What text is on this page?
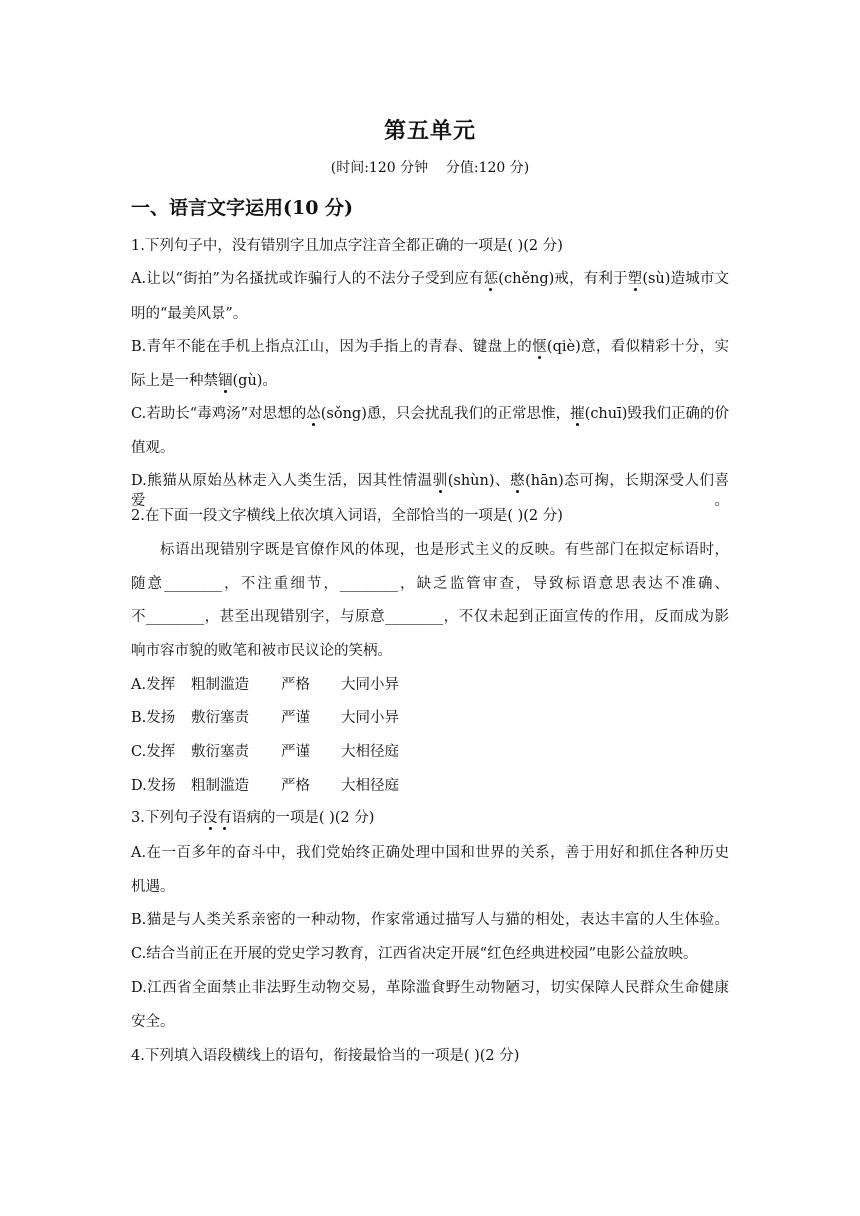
第五单元
(时间:120 分钟    分值:120 分)
一、语言文字运用(10 分)
1.下列句子中，没有错别字且加点字注音全都正确的一项是( )(2 分)
A.让以“街拍”为名搔扰或诈骗行人的不法分子受到应有惩(chěng)戒，有利于塑(sù)造城市文
明的“最美风景”。
B.青年不能在手机上指点江山，因为手指上的青春、键盘上的惬(qiè)意，看似精彩十分，实
际上是一种禁锢(gù)。
C.若助长“毒鸡汤”对思想的怂(sǒng)恿，只会扰乱我们的正常思惟，摧(chuī)毁我们正确的价
值观。
D.熊猫从原始丛林走入人类生活，因其性情温驯(shùn)、憨(hān)态可掬，长期深受人们喜爱。
2.在下面一段文字横线上依次填入词语，全部恰当的一项是( )(2 分)
标语出现错别字既是官僚作风的体现，也是形式主义的反映。有些部门在拟定标语时，
随意________，不注重细节，________，缺乏监管审查，导致标语意思表达不准确、
不________，甚至出现错别字，与原意________，不仅未起到正面宣传的作用，反而成为影
响市容市貌的败笔和被市民议论的笑柄。
A.发挥 粗制滥造 严格 大同小异
B.发扬 敷衍塞责 严谨 大同小异
C.发挥 敷衍塞责 严谨 大相径庭
D.发扬 粗制滥造 严格 大相径庭
3.下列句子没有语病的一项是( )(2 分)
A.在一百多年的奋斗中，我们党始终正确处理中国和世界的关系，善于用好和抓住各种历史
机遇。
B.猫是与人类关系亲密的一种动物，作家常通过描写人与猫的相处，表达丰富的人生体验。
C.结合当前正在开展的党史学习教育，江西省决定开展“红色经典进校园”电影公益放映。
D.江西省全面禁止非法野生动物交易，革除滥食野生动物陋习，切实保障人民群众生命健康
安全。
4.下列填入语段横线上的语句，衔接最恰当的一项是( )(2 分)
